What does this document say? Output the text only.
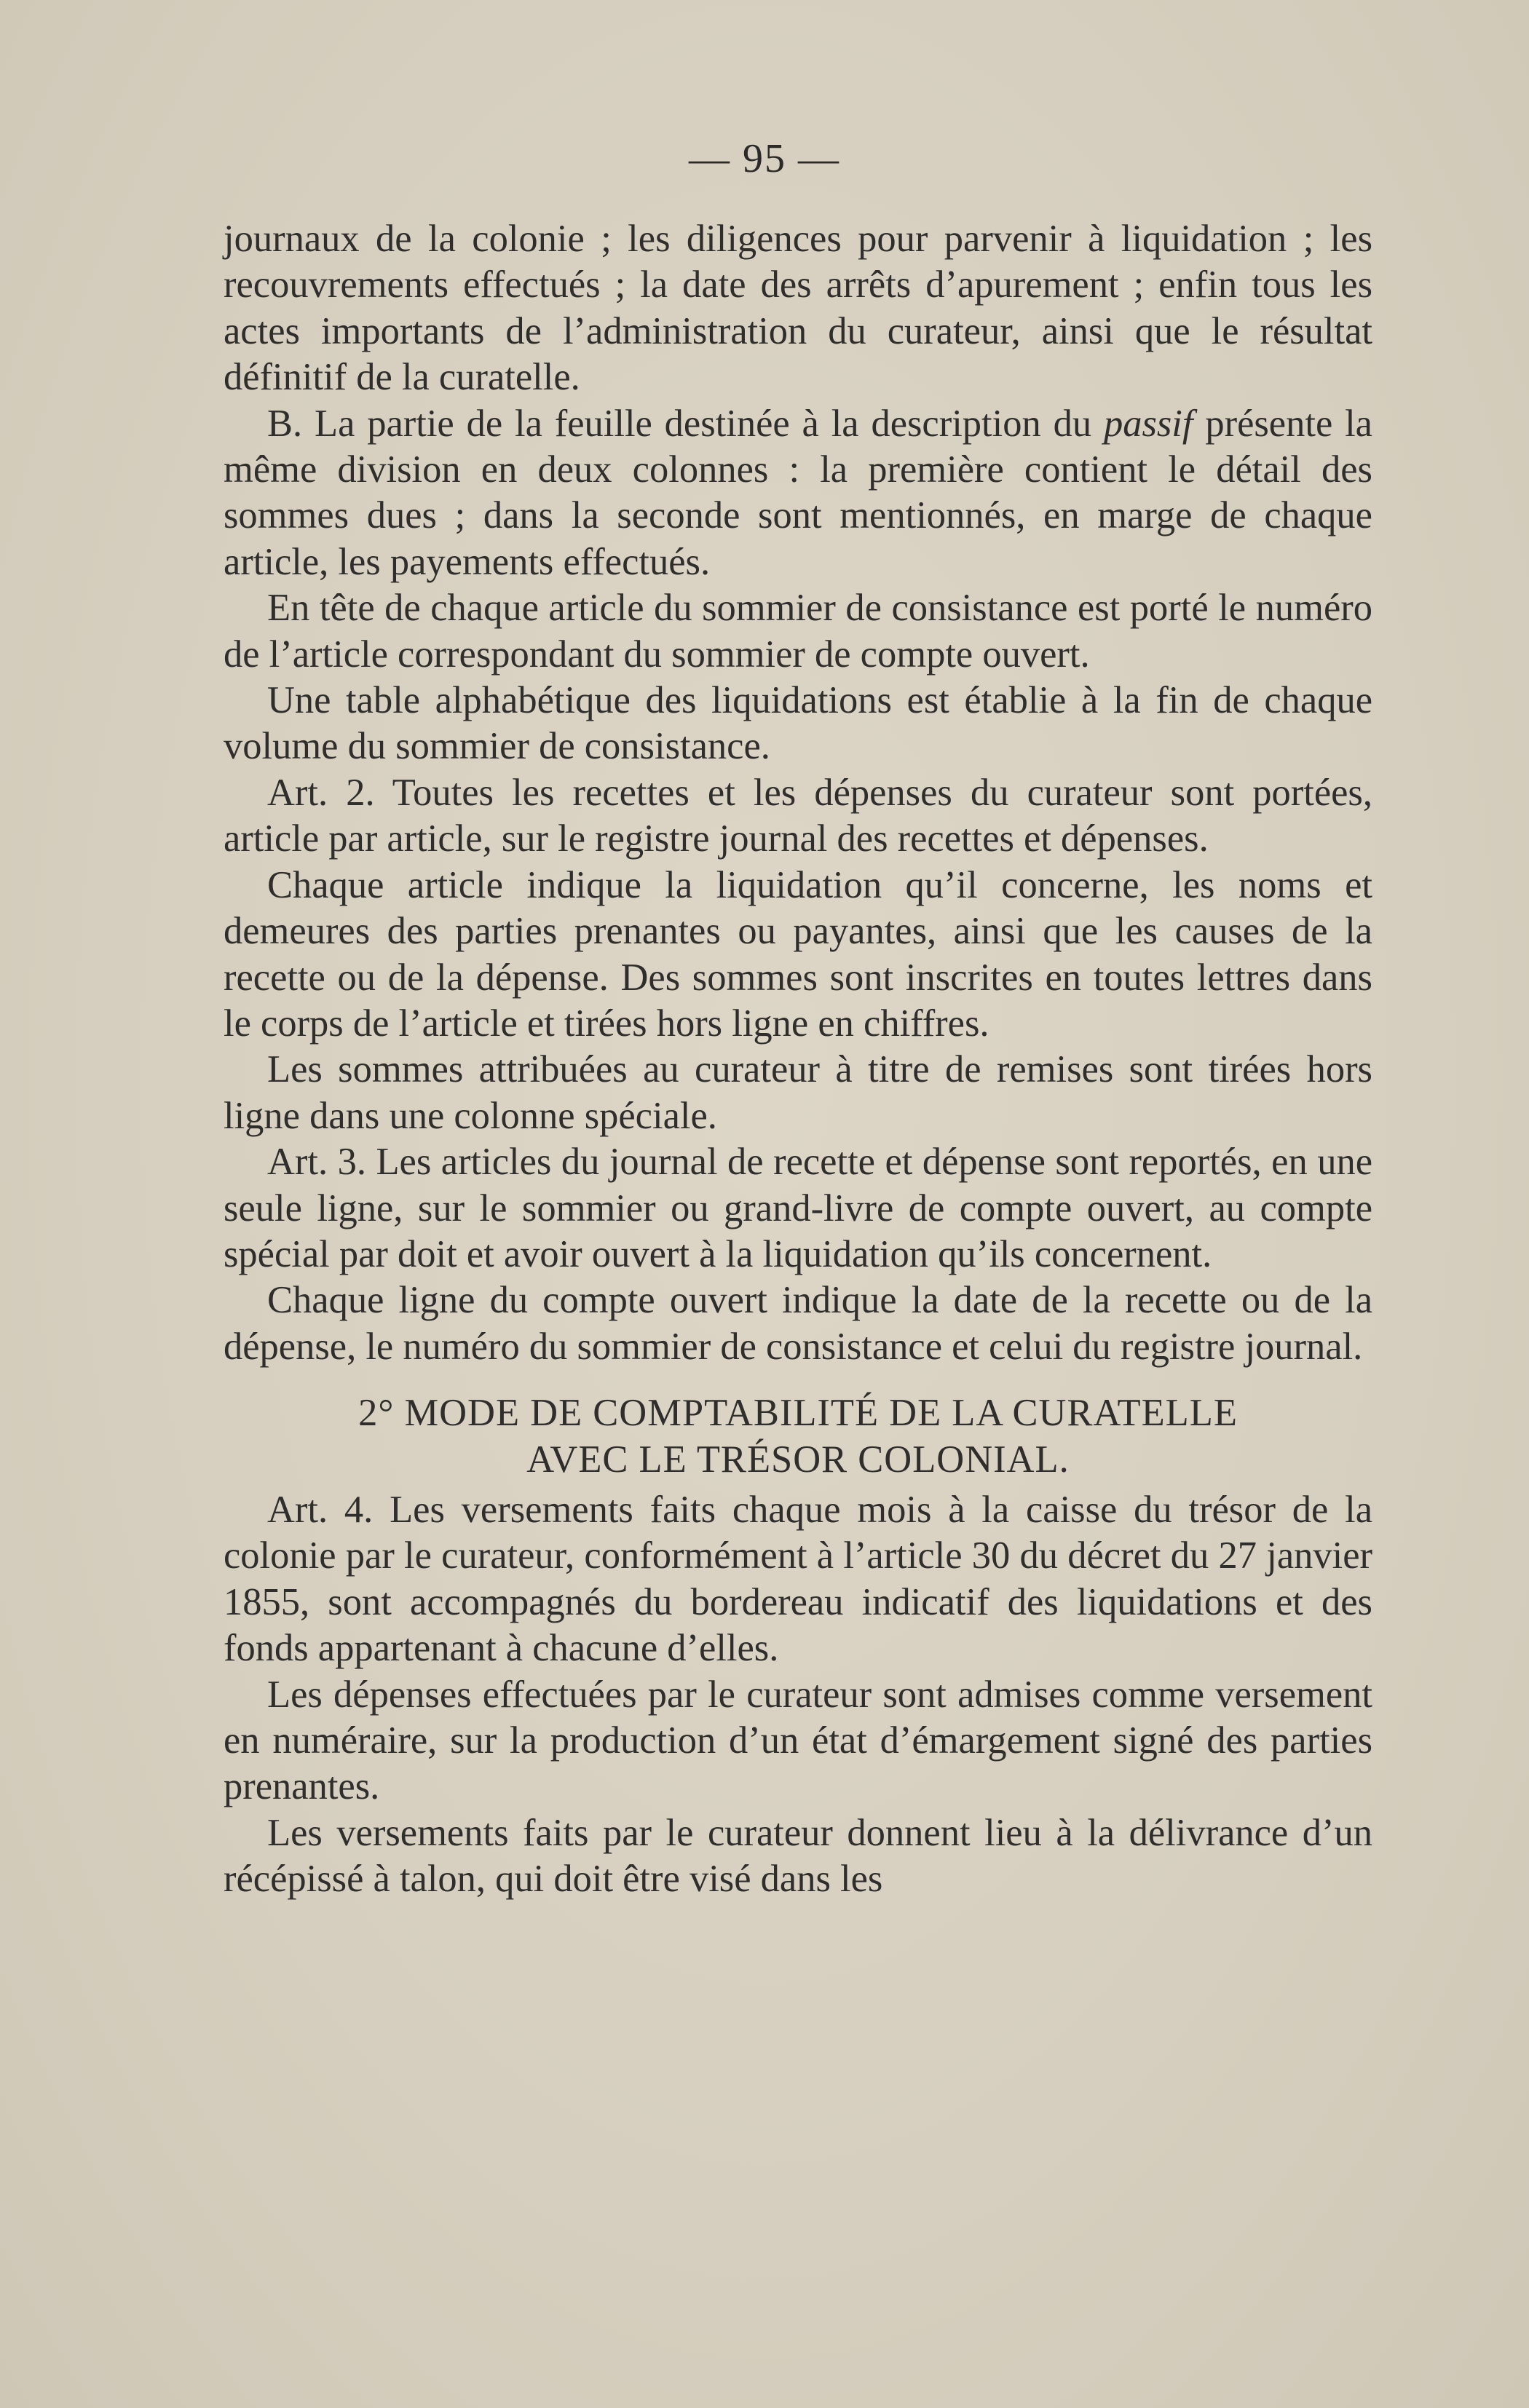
— 95 —

journaux de la colonie ; les diligences pour parvenir à liquidation ; les recouvrements effectués ; la date des arrêts d’apurement ; enfin tous les actes importants de l’administration du curateur, ainsi que le résultat définitif de la curatelle.

B. La partie de la feuille destinée à la description du passif présente la même division en deux colonnes : la première contient le détail des sommes dues ; dans la seconde sont mentionnés, en marge de chaque article, les payements effectués.

En tête de chaque article du sommier de consistance est porté le numéro de l’article correspondant du sommier de compte ouvert.

Une table alphabétique des liquidations est établie à la fin de chaque volume du sommier de consistance.

Art. 2. Toutes les recettes et les dépenses du curateur sont portées, article par article, sur le registre journal des recettes et dépenses.

Chaque article indique la liquidation qu’il concerne, les noms et demeures des parties prenantes ou payantes, ainsi que les causes de la recette ou de la dépense. Des sommes sont inscrites en toutes lettres dans le corps de l’article et tirées hors ligne en chiffres.

Les sommes attribuées au curateur à titre de remises sont tirées hors ligne dans une colonne spéciale.

Art. 3. Les articles du journal de recette et dépense sont reportés, en une seule ligne, sur le sommier ou grand-livre de compte ouvert, au compte spécial par doit et avoir ouvert à la liquidation qu’ils concernent.

Chaque ligne du compte ouvert indique la date de la recette ou de la dépense, le numéro du sommier de consistance et celui du registre journal.

2° MODE DE COMPTABILITÉ DE LA CURATELLE
AVEC LE TRÉSOR COLONIAL.

Art. 4. Les versements faits chaque mois à la caisse du trésor de la colonie par le curateur, conformément à l’article 30 du décret du 27 janvier 1855, sont accompagnés du bordereau indicatif des liquidations et des fonds appartenant à chacune d’elles.

Les dépenses effectuées par le curateur sont admises comme versement en numéraire, sur la production d’un état d’émargement signé des parties prenantes.

Les versements faits par le curateur donnent lieu à la délivrance d’un récépissé à talon, qui doit être visé dans les
